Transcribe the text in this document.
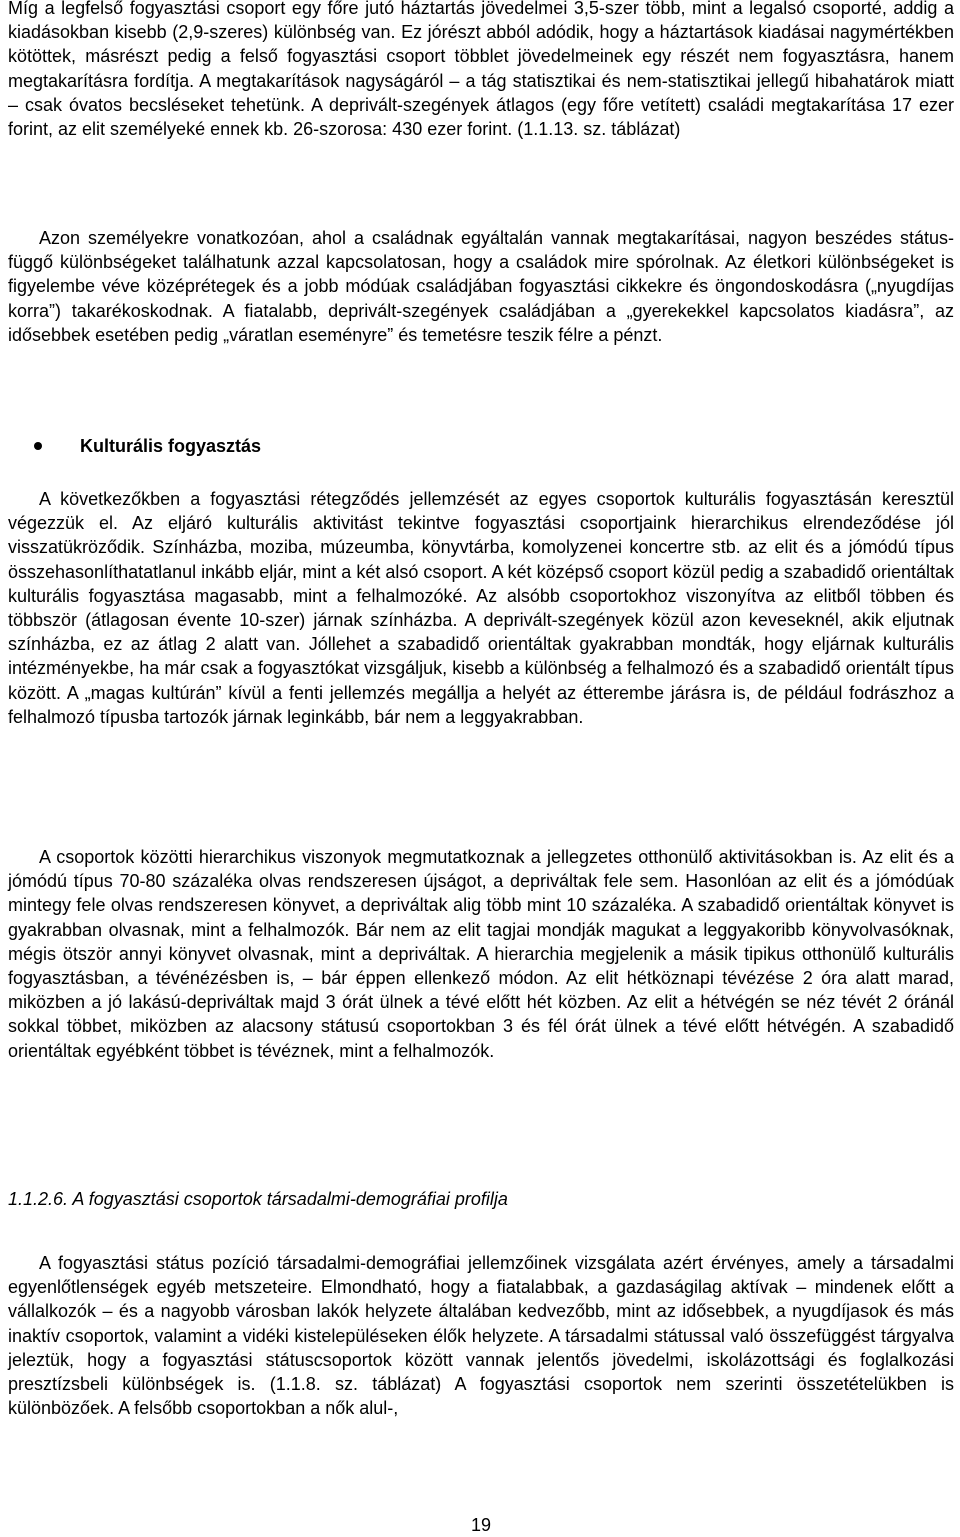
Míg a legfelső fogyasztási csoport egy főre jutó háztartás jövedelmei 3,5-szer több, mint a legalsó csoporté, addig a kiadásokban kisebb (2,9-szeres) különbség van. Ez jórészt abból adódik, hogy a háztartások kiadásai nagymértékben kötöttek, másrészt pedig a felső fogyasztási csoport többlet jövedelmeinek egy részét nem fogyasztásra, hanem megtakarításra fordítja. A megtakarítások nagyságáról – a tág statisztikai és nem-statisztikai jellegű hibahatárok miatt – csak óvatos becsléseket tehetünk. A deprivált-szegények átlagos (egy főre vetített) családi megtakarítása 17 ezer forint, az elit személyeké ennek kb. 26-szorosa: 430 ezer forint. (1.1.13. sz. táblázat)

Azon személyekre vonatkozóan, ahol a családnak egyáltalán vannak megtakarításai, nagyon beszédes státus-függő különbségeket találhatunk azzal kapcsolatosan, hogy a családok mire spórolnak. Az életkori különbségeket is figyelembe véve középrétegek és a jobb módúak családjában fogyasztási cikkekre és öngondoskodásra („nyugdíjas korra”) takarékoskodnak. A fiatalabb, deprivált-szegények családjában a „gyerekekkel kapcsolatos kiadásra”, az idősebbek esetében pedig „váratlan eseményre” és temetésre teszik félre a pénzt.

Kulturális fogyasztás

A következőkben a fogyasztási rétegződés jellemzését az egyes csoportok kulturális fogyasztásán keresztül végezzük el. Az eljáró kulturális aktivitást tekintve fogyasztási csoportjaink hierarchikus elrendeződése jól visszatükröződik. Színházba, moziba, múzeumba, könyvtárba, komolyzenei koncertre stb. az elit és a jómódú típus összehasonlíthatatlanul inkább eljár, mint a két alsó csoport. A két középső csoport közül pedig a szabadidő orientáltak kulturális fogyasztása magasabb, mint a felhalmozóké. Az alsóbb csoportokhoz viszonyítva az elitből többen és többször (átlagosan évente 10-szer) járnak színházba. A deprivált-szegények közül azon keveseknél, akik eljutnak színházba, ez az átlag 2 alatt van. Jóllehet a szabadidő orientáltak gyakrabban mondták, hogy eljárnak kulturális intézményekbe, ha már csak a fogyasztókat vizsgáljuk, kisebb a különbség a felhalmozó és a szabadidő orientált típus között. A „magas kultúrán” kívül a fenti jellemzés megállja a helyét az étterembe járásra is, de például fodrászhoz a felhalmozó típusba tartozók járnak leginkább, bár nem a leggyakrabban.

A csoportok közötti hierarchikus viszonyok megmutatkoznak a jellegzetes otthonülő aktivitásokban is. Az elit és a jómódú típus 70-80 százaléka olvas rendszeresen újságot, a depriváltak fele sem. Hasonlóan az elit és a jómódúak mintegy fele olvas rendszeresen könyvet, a depriváltak alig több mint 10 százaléka. A szabadidő orientáltak könyvet is gyakrabban olvasnak, mint a felhalmozók. Bár nem az elit tagjai mondják magukat a leggyakoribb könyvolvasóknak, mégis ötször annyi könyvet olvasnak, mint a depriváltak. A hierarchia megjelenik a másik tipikus otthonülő kulturális fogyasztásban, a tévénézésben is, – bár éppen ellenkező módon. Az elit hétköznapi tévézése 2 óra alatt marad, miközben a jó lakású-depriváltak majd 3 órát ülnek a tévé előtt hét közben. Az elit a hétvégén se néz tévét 2 óránál sokkal többet, miközben az alacsony státusú csoportokban 3 és fél órát ülnek a tévé előtt hétvégén. A szabadidő orientáltak egyébként többet is tévéznek, mint a felhalmozók.

1.1.2.6. A fogyasztási csoportok társadalmi-demográfiai profilja

A fogyasztási státus pozíció társadalmi-demográfiai jellemzőinek vizsgálata azért érvényes, amely a társadalmi egyenlőtlenségek egyéb metszeteire. Elmondható, hogy a fiatalabbak, a gazdaságilag aktívak – mindenek előtt a vállalkozók – és a nagyobb városban lakók helyzete általában kedvezőbb, mint az idősebbek, a nyugdíjasok és más inaktív csoportok, valamint a vidéki kistelepüléseken élők helyzete. A társadalmi státussal való összefüggést tárgyalva jeleztük, hogy a fogyasztási státuscsoportok között vannak jelentős jövedelmi, iskolázottsági és foglalkozási presztízsbeli különbségek is. (1.1.8. sz. táblázat) A fogyasztási csoportok nem szerinti összetételükben is különbözőek. A felsőbb csoportokban a nők alul-,

19
